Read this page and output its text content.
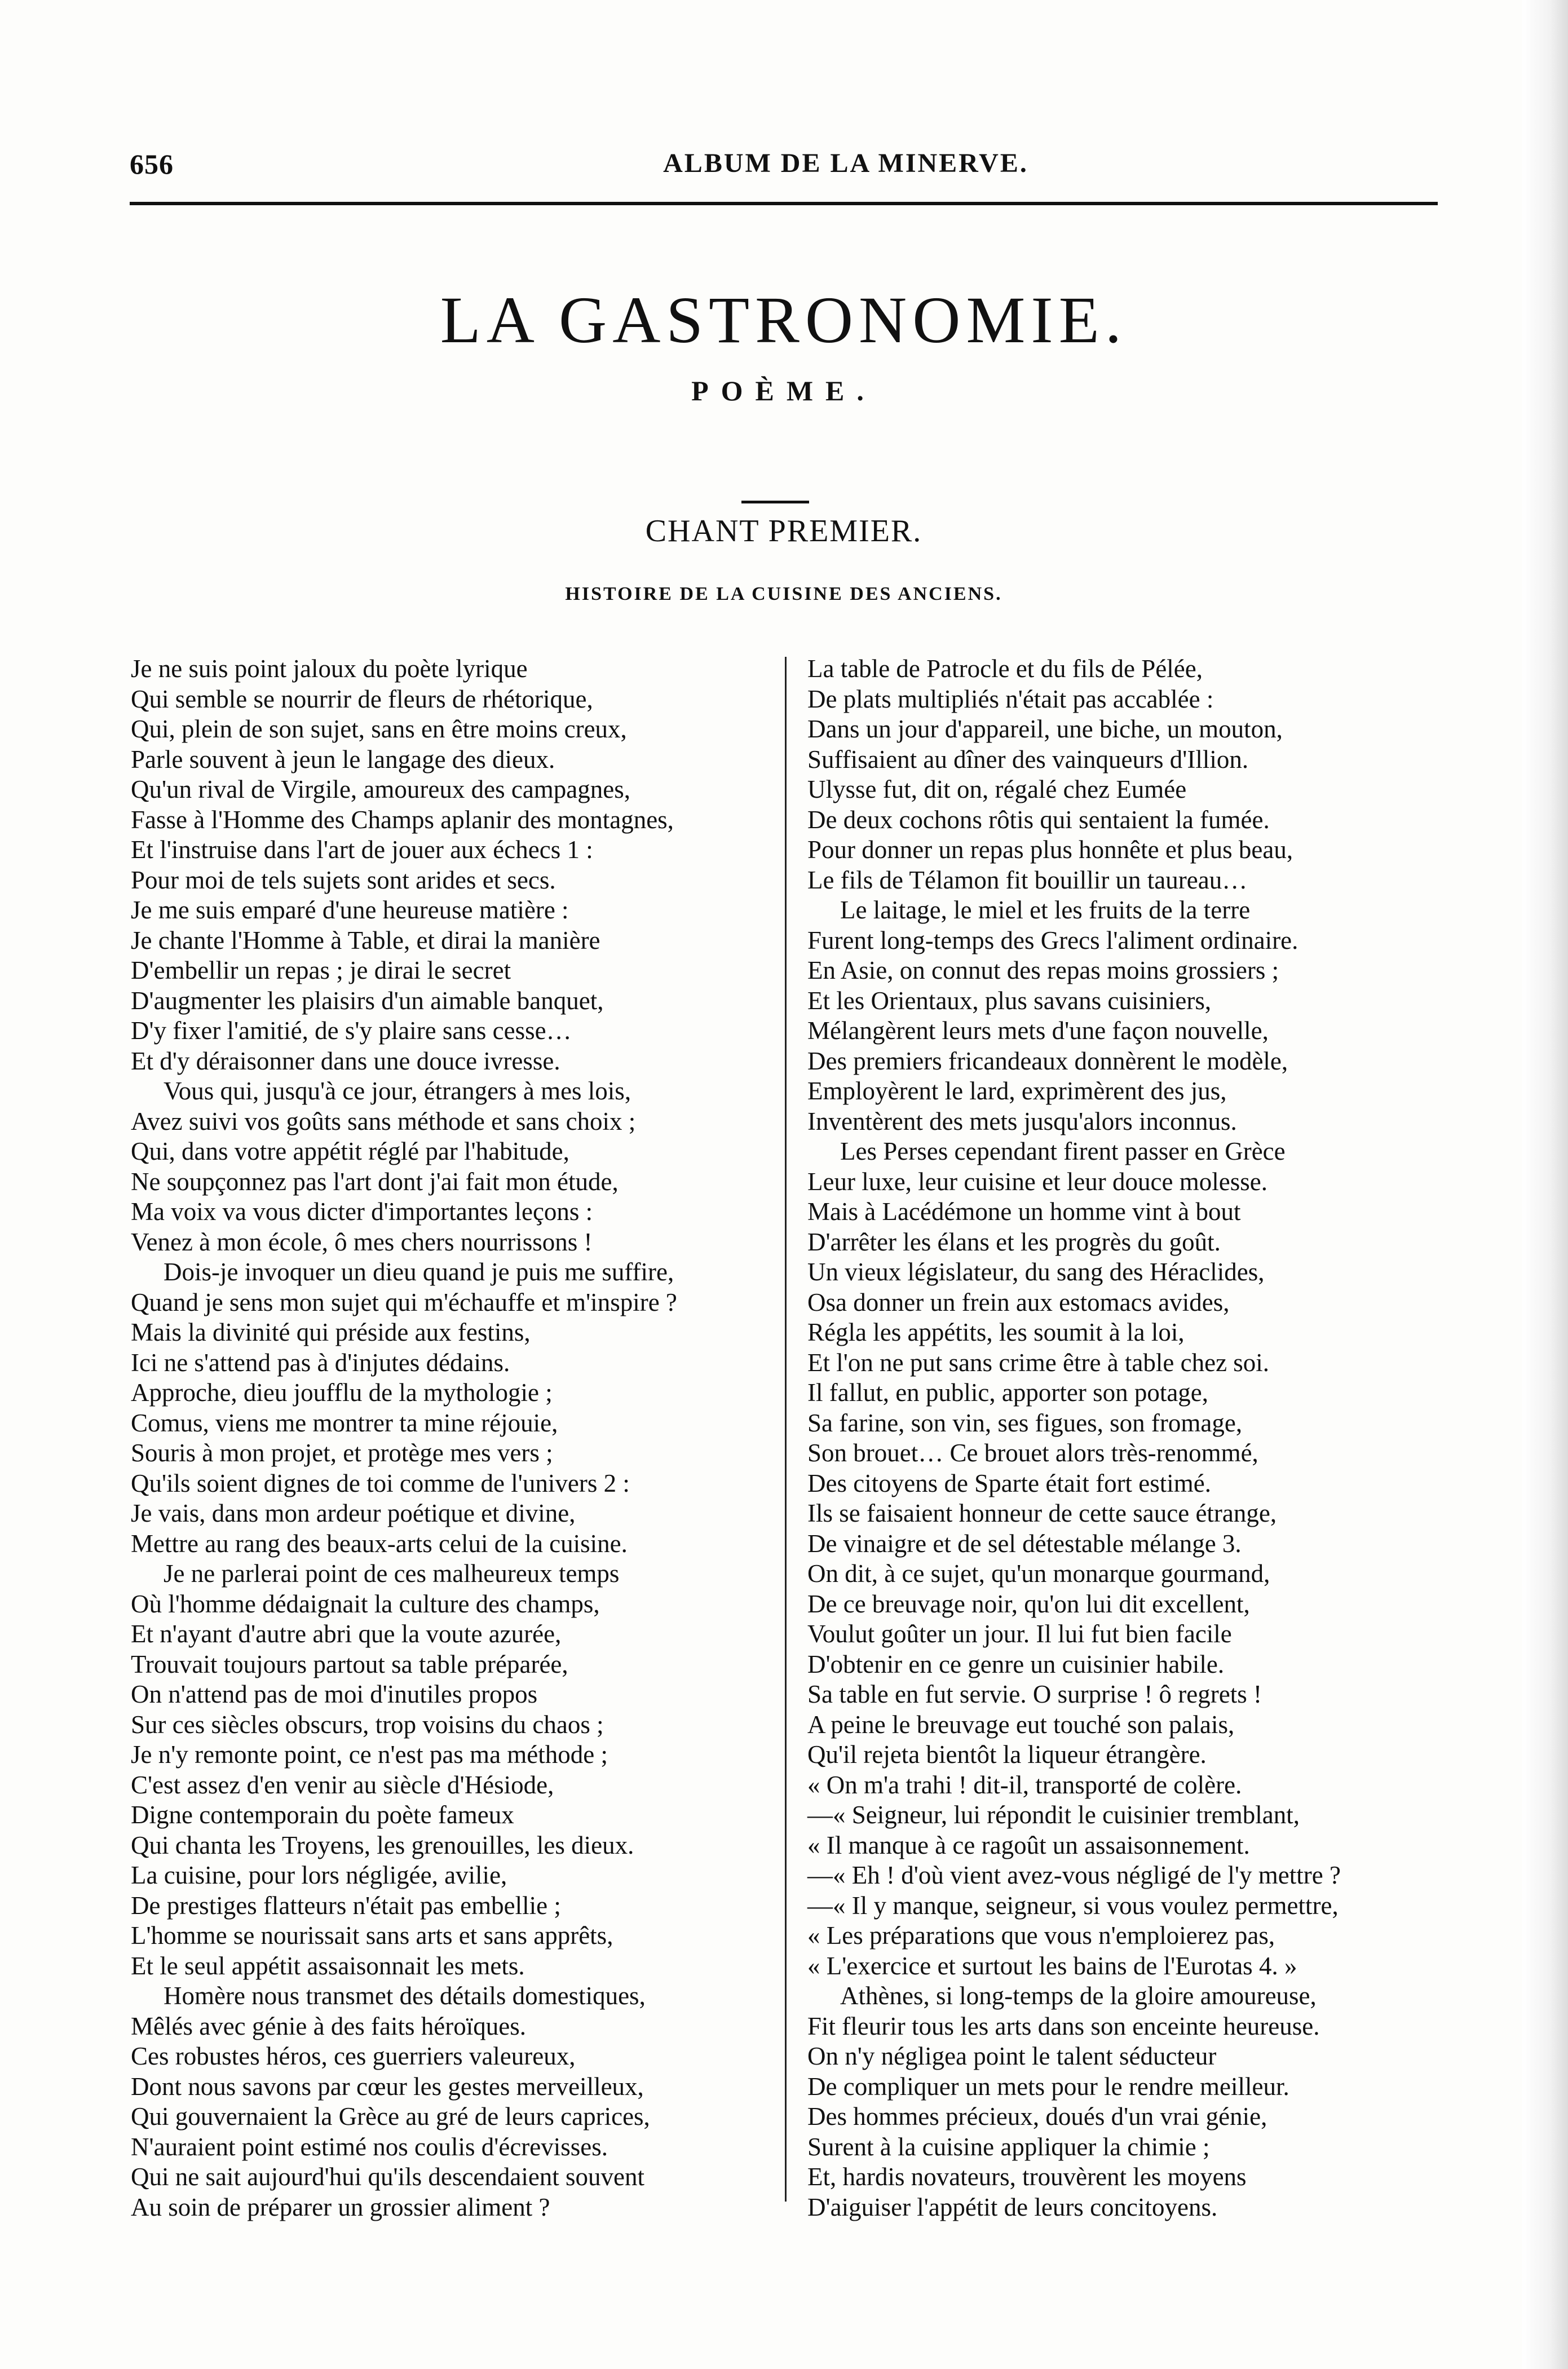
656	ALBUM DE LA MINERVE.
LA GASTRONOMIE.
POÈME.
CHANT PREMIER.
HISTOIRE DE LA CUISINE DES ANCIENS.
Je ne suis point jaloux du poète lyrique
Qui semble se nourrir de fleurs de rhétorique,
Qui, plein de son sujet, sans en être moins creux,
Parle souvent à jeun le langage des dieux.
Qu'un rival de Virgile, amoureux des campagnes,
Fasse à l'Homme des Champs aplanir des montagnes,
Et l'instruise dans l'art de jouer aux échecs 1 :
Pour moi de tels sujets sont arides et secs.
Je me suis emparé d'une heureuse matière :
Je chante l'Homme à Table, et dirai la manière
D'embellir un repas ; je dirai le secret
D'augmenter les plaisirs d'un aimable banquet,
D'y fixer l'amitié, de s'y plaire sans cesse…
Et d'y déraisonner dans une douce ivresse.
Vous qui, jusqu'à ce jour, étrangers à mes lois,
Avez suivi vos goûts sans méthode et sans choix ;
Qui, dans votre appétit réglé par l'habitude,
Ne soupçonnez pas l'art dont j'ai fait mon étude,
Ma voix va vous dicter d'importantes leçons :
Venez à mon école, ô mes chers nourrissons !
Dois-je invoquer un dieu quand je puis me suffire,
Quand je sens mon sujet qui m'échauffe et m'inspire ?
Mais la divinité qui préside aux festins,
Ici ne s'attend pas à d'injutes dédains.
Approche, dieu joufflu de la mythologie ;
Comus, viens me montrer ta mine réjouie,
Souris à mon projet, et protège mes vers ;
Qu'ils soient dignes de toi comme de l'univers 2 :
Je vais, dans mon ardeur poétique et divine,
Mettre au rang des beaux-arts celui de la cuisine.
Je ne parlerai point de ces malheureux temps
Où l'homme dédaignait la culture des champs,
Et n'ayant d'autre abri que la voute azurée,
Trouvait toujours partout sa table préparée,
On n'attend pas de moi d'inutiles propos
Sur ces siècles obscurs, trop voisins du chaos ;
Je n'y remonte point, ce n'est pas ma méthode ;
C'est assez d'en venir au siècle d'Hésiode,
Digne contemporain du poète fameux
Qui chanta les Troyens, les grenouilles, les dieux.
La cuisine, pour lors négligée, avilie,
De prestiges flatteurs n'était pas embellie ;
L'homme se nourissait sans arts et sans apprêts,
Et le seul appétit assaisonnait les mets.
Homère nous transmet des détails domestiques,
Mêlés avec génie à des faits héroïques.
Ces robustes héros, ces guerriers valeureux,
Dont nous savons par cœur les gestes merveilleux,
Qui gouvernaient la Grèce au gré de leurs caprices,
N'auraient point estimé nos coulis d'écrevisses.
Qui ne sait aujourd'hui qu'ils descendaient souvent
Au soin de préparer un grossier aliment ?
La table de Patrocle et du fils de Pélée,
De plats multipliés n'était pas accablée :
Dans un jour d'appareil, une biche, un mouton,
Suffisaient au dîner des vainqueurs d'Illion.
Ulysse fut, dit on, régalé chez Eumée
De deux cochons rôtis qui sentaient la fumée.
Pour donner un repas plus honnête et plus beau,
Le fils de Télamon fit bouillir un taureau…
Le laitage, le miel et les fruits de la terre
Furent long-temps des Grecs l'aliment ordinaire.
En Asie, on connut des repas moins grossiers ;
Et les Orientaux, plus savans cuisiniers,
Mélangèrent leurs mets d'une façon nouvelle,
Des premiers fricandeaux donnèrent le modèle,
Employèrent le lard, exprimèrent des jus,
Inventèrent des mets jusqu'alors inconnus.
Les Perses cependant firent passer en Grèce
Leur luxe, leur cuisine et leur douce molesse.
Mais à Lacédémone un homme vint à bout
D'arrêter les élans et les progrès du goût.
Un vieux législateur, du sang des Héraclides,
Osa donner un frein aux estomacs avides,
Régla les appétits, les soumit à la loi,
Et l'on ne put sans crime être à table chez soi.
Il fallut, en public, apporter son potage,
Sa farine, son vin, ses figues, son fromage,
Son brouet… Ce brouet alors très-renommé,
Des citoyens de Sparte était fort estimé.
Ils se faisaient honneur de cette sauce étrange,
De vinaigre et de sel détestable mélange 3.
On dit, à ce sujet, qu'un monarque gourmand,
De ce breuvage noir, qu'on lui dit excellent,
Voulut goûter un jour. Il lui fut bien facile
D'obtenir en ce genre un cuisinier habile.
Sa table en fut servie. O surprise ! ô regrets !
A peine le breuvage eut touché son palais,
Qu'il rejeta bientôt la liqueur étrangère.
« On m'a trahi ! dit-il, transporté de colère.
—« Seigneur, lui répondit le cuisinier tremblant,
« Il manque à ce ragoût un assaisonnement.
—« Eh ! d'où vient avez-vous négligé de l'y mettre ?
—« Il y manque, seigneur, si vous voulez permettre,
« Les préparations que vous n'emploierez pas,
« L'exercice et surtout les bains de l'Eurotas 4. »
Athènes, si long-temps de la gloire amoureuse,
Fit fleurir tous les arts dans son enceinte heureuse.
On n'y négligea point le talent séducteur
De compliquer un mets pour le rendre meilleur.
Des hommes précieux, doués d'un vrai génie,
Surent à la cuisine appliquer la chimie ;
Et, hardis novateurs, trouvèrent les moyens
D'aiguiser l'appétit de leurs concitoyens.
